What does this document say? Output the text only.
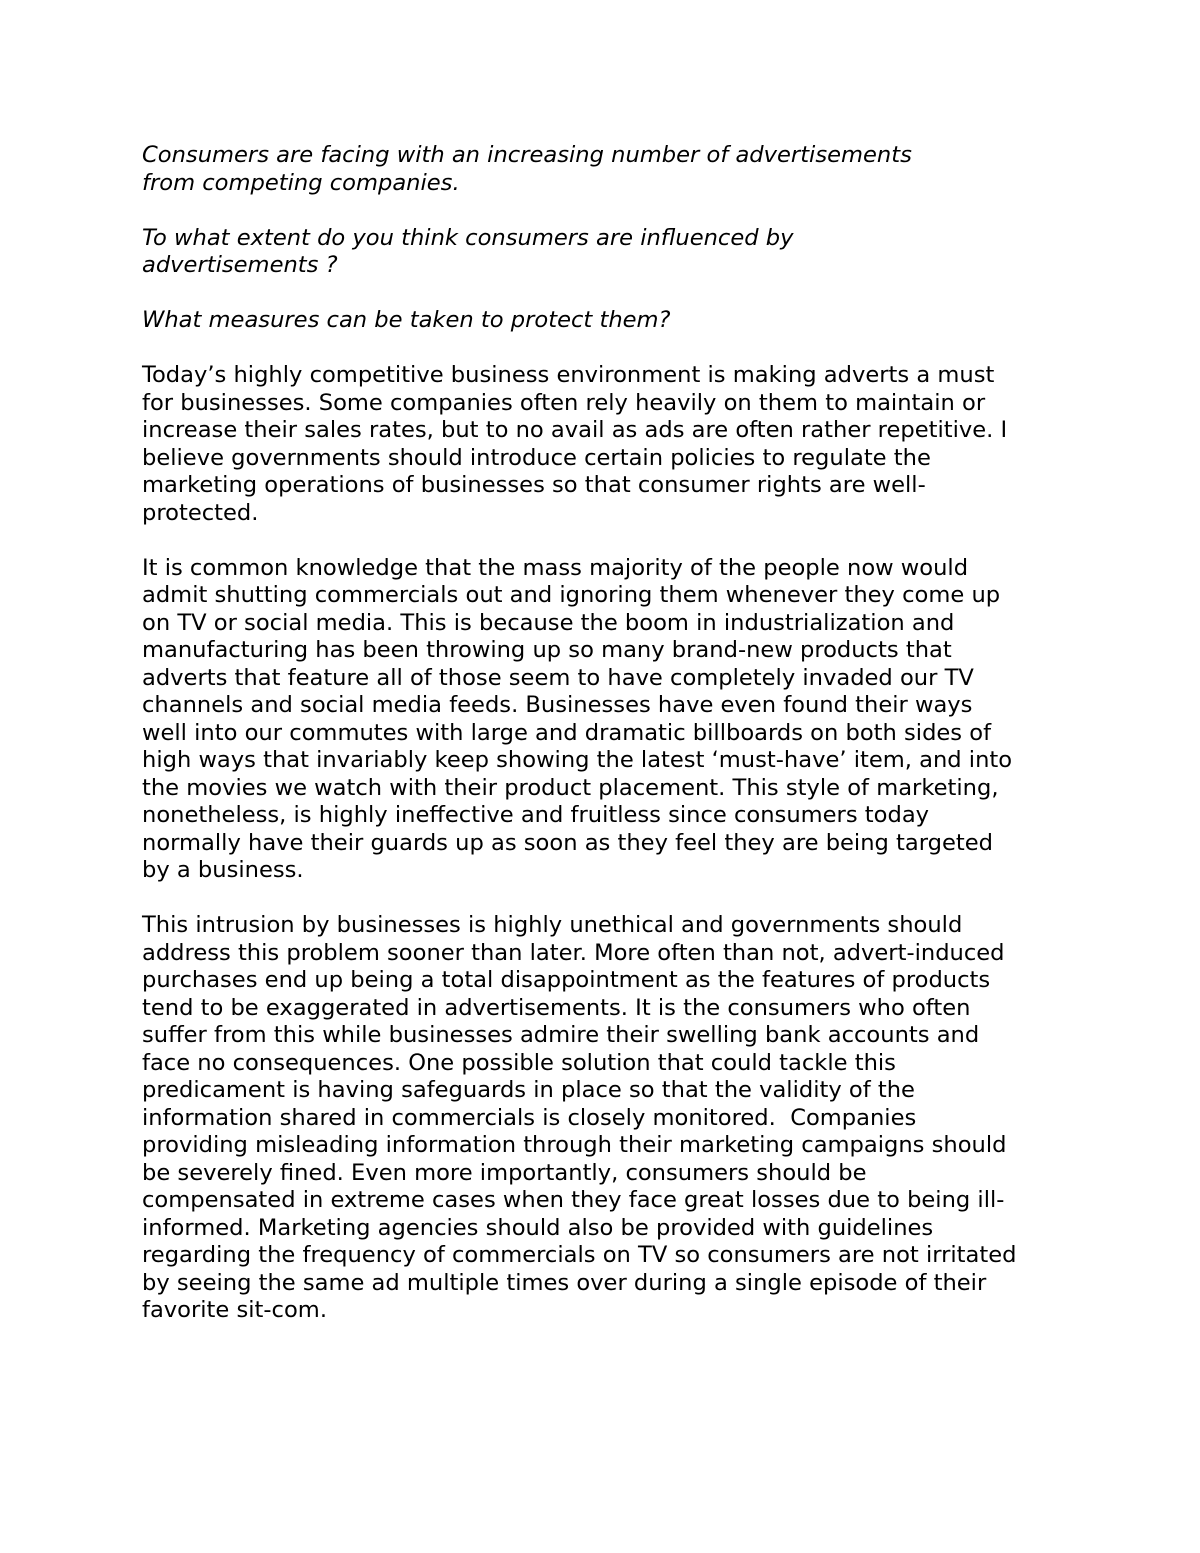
Consumers are facing with an increasing number of advertisements
from competing companies.
To what extent do you think consumers are influenced by
advertisements ?
What measures can be taken to protect them?
Today’s highly competitive business environment is making adverts a must
for businesses. Some companies often rely heavily on them to maintain or
increase their sales rates, but to no avail as ads are often rather repetitive. I
believe governments should introduce certain policies to regulate the
marketing operations of businesses so that consumer rights are well-
protected.
It is common knowledge that the mass majority of the people now would
admit shutting commercials out and ignoring them whenever they come up
on TV or social media. This is because the boom in industrialization and
manufacturing has been throwing up so many brand-new products that
adverts that feature all of those seem to have completely invaded our TV
channels and social media feeds. Businesses have even found their ways
well into our commutes with large and dramatic billboards on both sides of
high ways that invariably keep showing the latest ‘must-have’ item, and into
the movies we watch with their product placement. This style of marketing,
nonetheless, is highly ineffective and fruitless since consumers today
normally have their guards up as soon as they feel they are being targeted
by a business.
This intrusion by businesses is highly unethical and governments should
address this problem sooner than later. More often than not, advert-induced
purchases end up being a total disappointment as the features of products
tend to be exaggerated in advertisements. It is the consumers who often
suffer from this while businesses admire their swelling bank accounts and
face no consequences. One possible solution that could tackle this
predicament is having safeguards in place so that the validity of the
information shared in commercials is closely monitored.  Companies
providing misleading information through their marketing campaigns should
be severely fined. Even more importantly, consumers should be
compensated in extreme cases when they face great losses due to being ill-
informed. Marketing agencies should also be provided with guidelines
regarding the frequency of commercials on TV so consumers are not irritated
by seeing the same ad multiple times over during a single episode of their
favorite sit-com.
